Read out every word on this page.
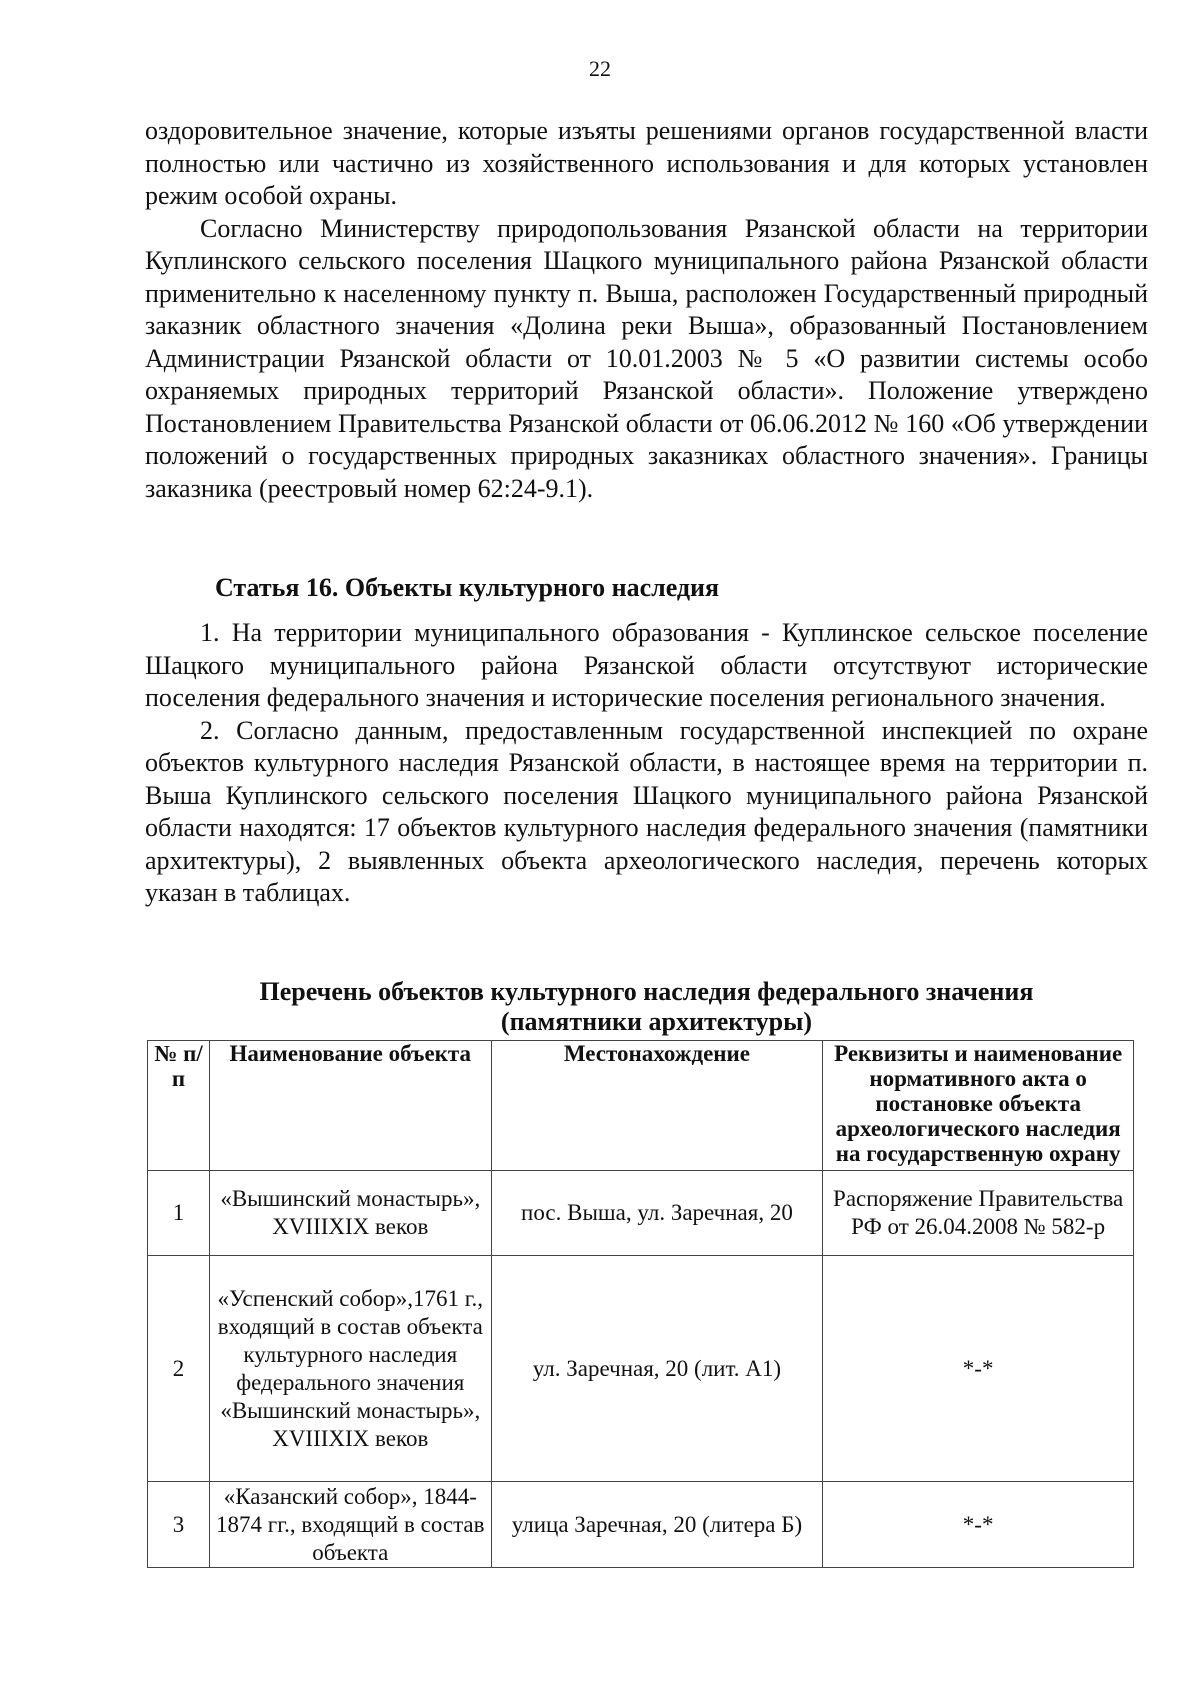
22

оздоровительное значение, которые изъяты решениями органов государственной власти полностью или частично из хозяйственного использования и для которых установлен режим особой охраны.

Согласно Министерству природопользования Рязанской области на территории Куплинского сельского поселения Шацкого муниципального района Рязанской области применительно к населенному пункту п. Выша, расположен Государственный природный заказник областного значения «Долина реки Выша», образованный Постановлением Администрации Рязанской области от 10.01.2003 № 5 «О развитии системы особо охраняемых природных территорий Рязанской области». Положение утверждено Постановлением Правительства Рязанской области от 06.06.2012 № 160 «Об утверждении положений о государственных природных заказниках областного значения». Границы заказника (реестровый номер 62:24-9.1).

Статья 16. Объекты культурного наследия

1. На территории муниципального образования - Куплинское сельское поселение Шацкого муниципального района Рязанской области отсутствуют исторические поселения федерального значения и исторические поселения регионального значения.

2. Согласно данным, предоставленным государственной инспекцией по охране объектов культурного наследия Рязанской области, в настоящее время на территории п. Выша Куплинского сельского поселения Шацкого муниципального района Рязанской области находятся: 17 объектов культурного наследия федерального значения (памятники архитектуры), 2 выявленных объекта археологического наследия, перечень которых указан в таблицах.

Перечень объектов культурного наследия федерального значения
(памятники архитектуры)
№ п/п	Наименование объекта	Местонахождение	Реквизиты и наименование нормативного акта о постановке объекта археологического наследия на государственную охрану
1	«Вышинский монастырь», XVIIIXIX веков	пос. Выша, ул. Заречная, 20	Распоряжение Правительства РФ от 26.04.2008 № 582-р
2	«Успенский собор»,1761 г., входящий в состав объекта культурного наследия федерального значения «Вышинский монастырь», XVIIIXIX веков	ул. Заречная, 20 (лит. А1)	*-*
3	«Казанский собор», 1844-1874 гг., входящий в состав объекта	улица Заречная, 20 (литера Б)	*-*
